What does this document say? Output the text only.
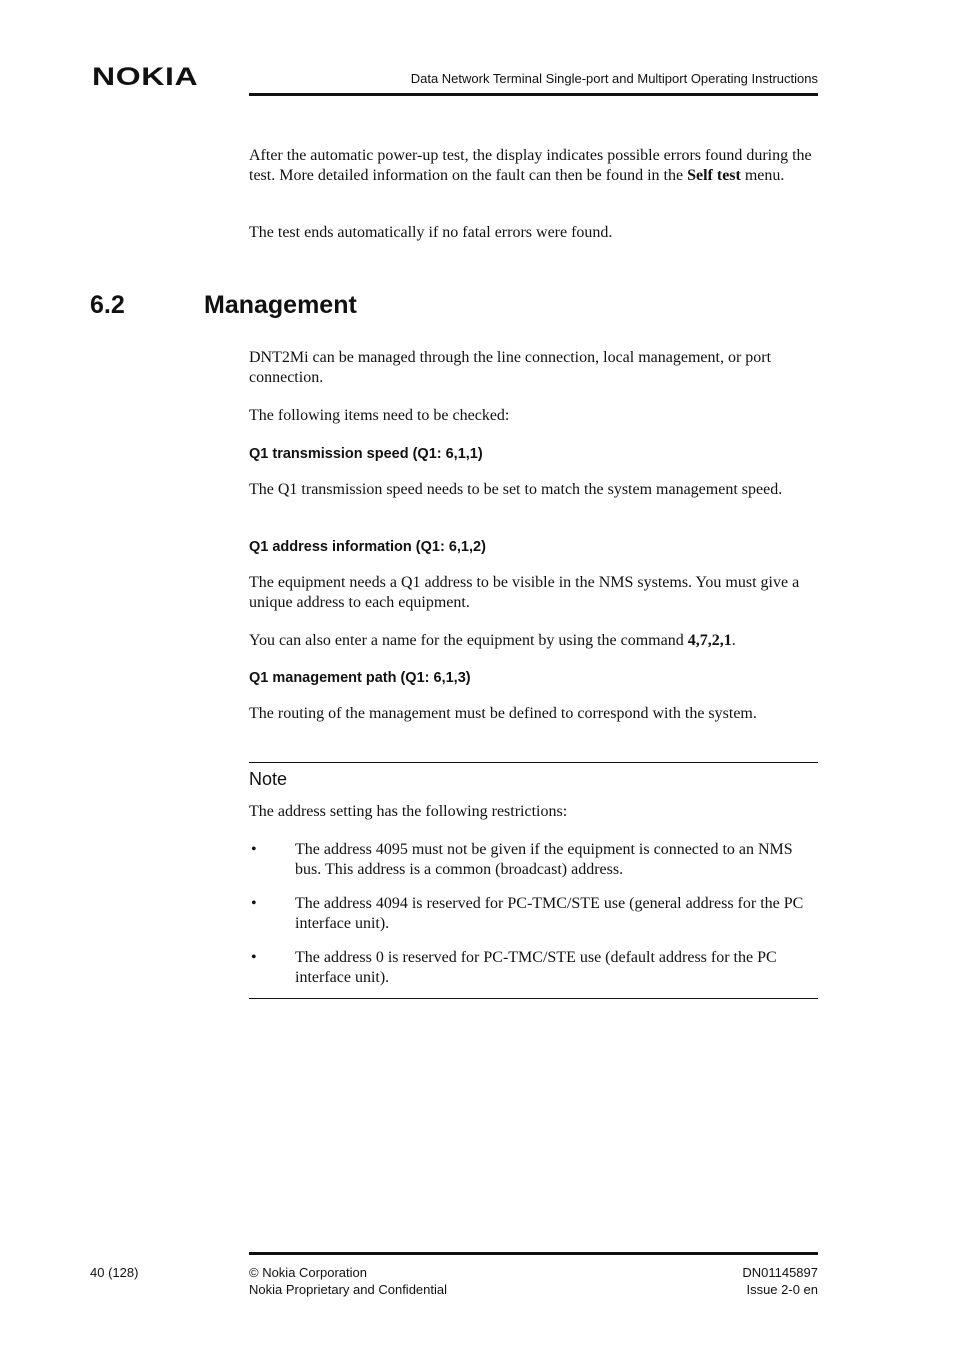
NOKIA	Data Network Terminal Single-port and Multiport Operating Instructions
After the automatic power-up test, the display indicates possible errors found during the test. More detailed information on the fault can then be found in the Self test menu.
The test ends automatically if no fatal errors were found.
6.2	Management
DNT2Mi can be managed through the line connection, local management, or port connection.
The following items need to be checked:
Q1 transmission speed (Q1: 6,1,1)
The Q1 transmission speed needs to be set to match the system management speed.
Q1 address information (Q1: 6,1,2)
The equipment needs a Q1 address to be visible in the NMS systems. You must give a unique address to each equipment.
You can also enter a name for the equipment by using the command 4,7,2,1.
Q1 management path (Q1: 6,1,3)
The routing of the management must be defined to correspond with the system.
Note
The address setting has the following restrictions:
• The address 4095 must not be given if the equipment is connected to an NMS bus. This address is a common (broadcast) address.
• The address 4094 is reserved for PC-TMC/STE use (general address for the PC interface unit).
• The address 0 is reserved for PC-TMC/STE use (default address for the PC interface unit).
40 (128)	© Nokia Corporation
Nokia Proprietary and Confidential
DN01145897
Issue 2-0 en
